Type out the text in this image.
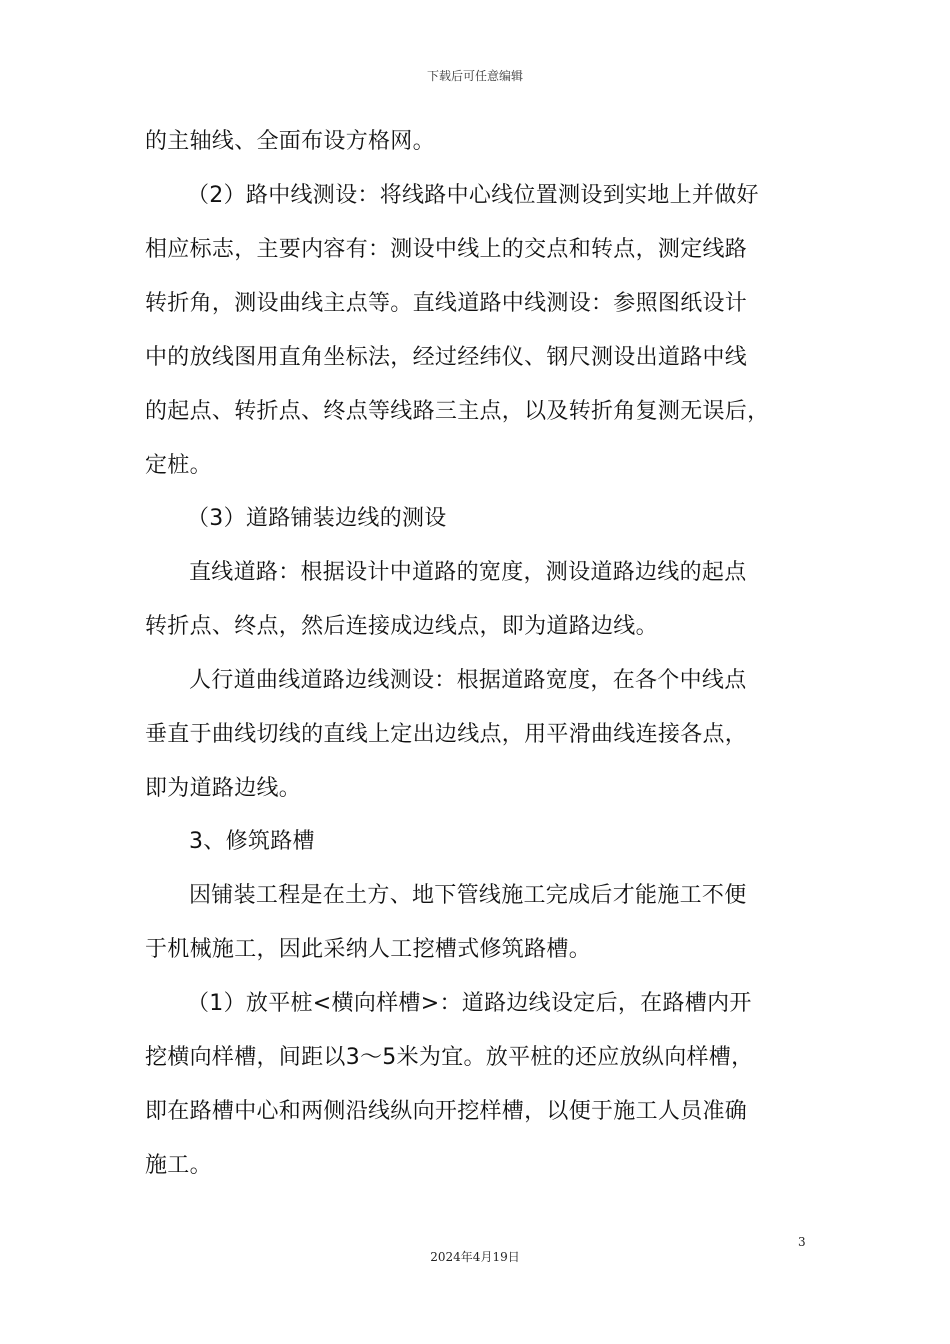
下载后可任意编辑
的主轴线、全面布设方格网。
（2）路中线测设：将线路中心线位置测设到实地上并做好
相应标志，主要内容有：测设中线上的交点和转点，测定线路
转折角，测设曲线主点等。直线道路中线测设：参照图纸设计
中的放线图用直角坐标法，经过经纬仪、钢尺测设出道路中线
的起点、转折点、终点等线路三主点，以及转折角复测无误后，
定桩。
（3）道路铺装边线的测设
直线道路：根据设计中道路的宽度，测设道路边线的起点
转折点、终点，然后连接成边线点，即为道路边线。
人行道曲线道路边线测设：根据道路宽度，在各个中线点
垂直于曲线切线的直线上定出边线点，用平滑曲线连接各点，
即为道路边线。
3、修筑路槽
因铺装工程是在土方、地下管线施工完成后才能施工不便
于机械施工，因此采纳人工挖槽式修筑路槽。
（1）放平桩<横向样槽>：道路边线设定后，在路槽内开
挖横向样槽，间距以3～5米为宜。放平桩的还应放纵向样槽，
即在路槽中心和两侧沿线纵向开挖样槽，以便于施工人员准确
施工。
3
2024年4月19日
